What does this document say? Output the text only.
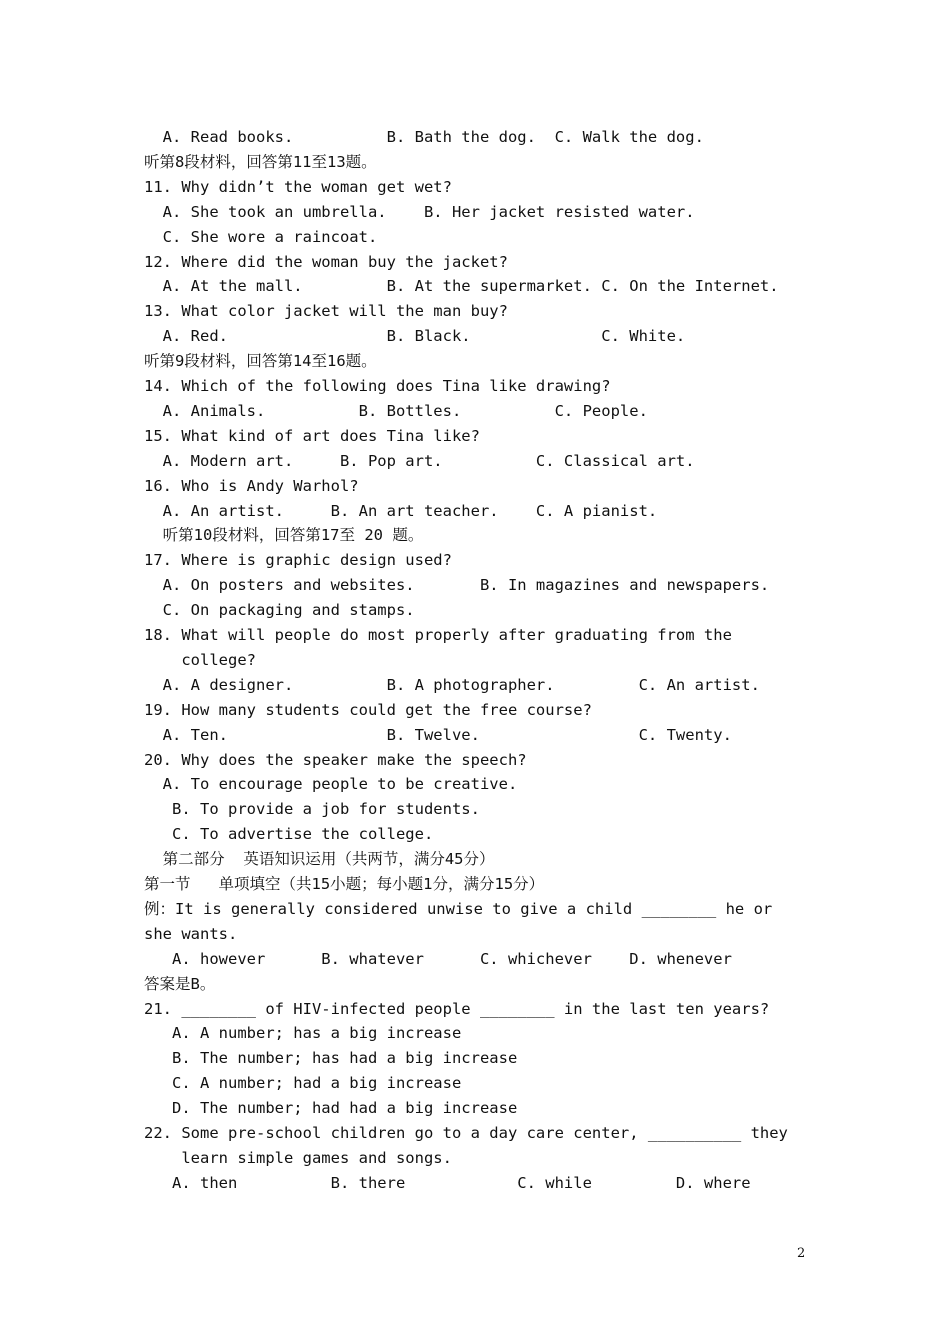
A. Read books.          B. Bath the dog.  C. Walk the dog.
听第8段材料，回答第11至13题。
11. Why didn’t the woman get wet?
A. She took an umbrella.    B. Her jacket resisted water.
C. She wore a raincoat.
12. Where did the woman buy the jacket?
A. At the mall.         B. At the supermarket. C. On the Internet.
13. What color jacket will the man buy?
A. Red.                 B. Black.              C. White.
听第9段材料，回答第14至16题。
14. Which of the following does Tina like drawing?
A. Animals.          B. Bottles.          C. People.
15. What kind of art does Tina like?
A. Modern art.     B. Pop art.          C. Classical art.
16. Who is Andy Warhol?
A. An artist.     B. An art teacher.    C. A pianist.
听第10段材料，回答第17至 20 题。
17. Where is graphic design used?
A. On posters and websites.       B. In magazines and newspapers.
C. On packaging and stamps.
18. What will people do most properly after graduating from the
college?
A. A designer.          B. A photographer.         C. An artist.
19. How many students could get the free course?
A. Ten.                 B. Twelve.                 C. Twenty.
20. Why does the speaker make the speech?
A. To encourage people to be creative.
B. To provide a job for students.
C. To advertise the college.
第二部分  英语知识运用（共两节，满分45分）
第一节   单项填空（共15小题；每小题1分，满分15分）
例：It is generally considered unwise to give a child ________ he or
she wants.
A. however      B. whatever      C. whichever    D. whenever
答案是B。
21. ________ of HIV-infected people ________ in the last ten years?
A. A number; has a big increase
B. The number; has had a big increase
C. A number; had a big increase
D. The number; had had a big increase
22. Some pre-school children go to a day care center, __________ they
learn simple games and songs.
A. then          B. there            C. while         D. where
2
